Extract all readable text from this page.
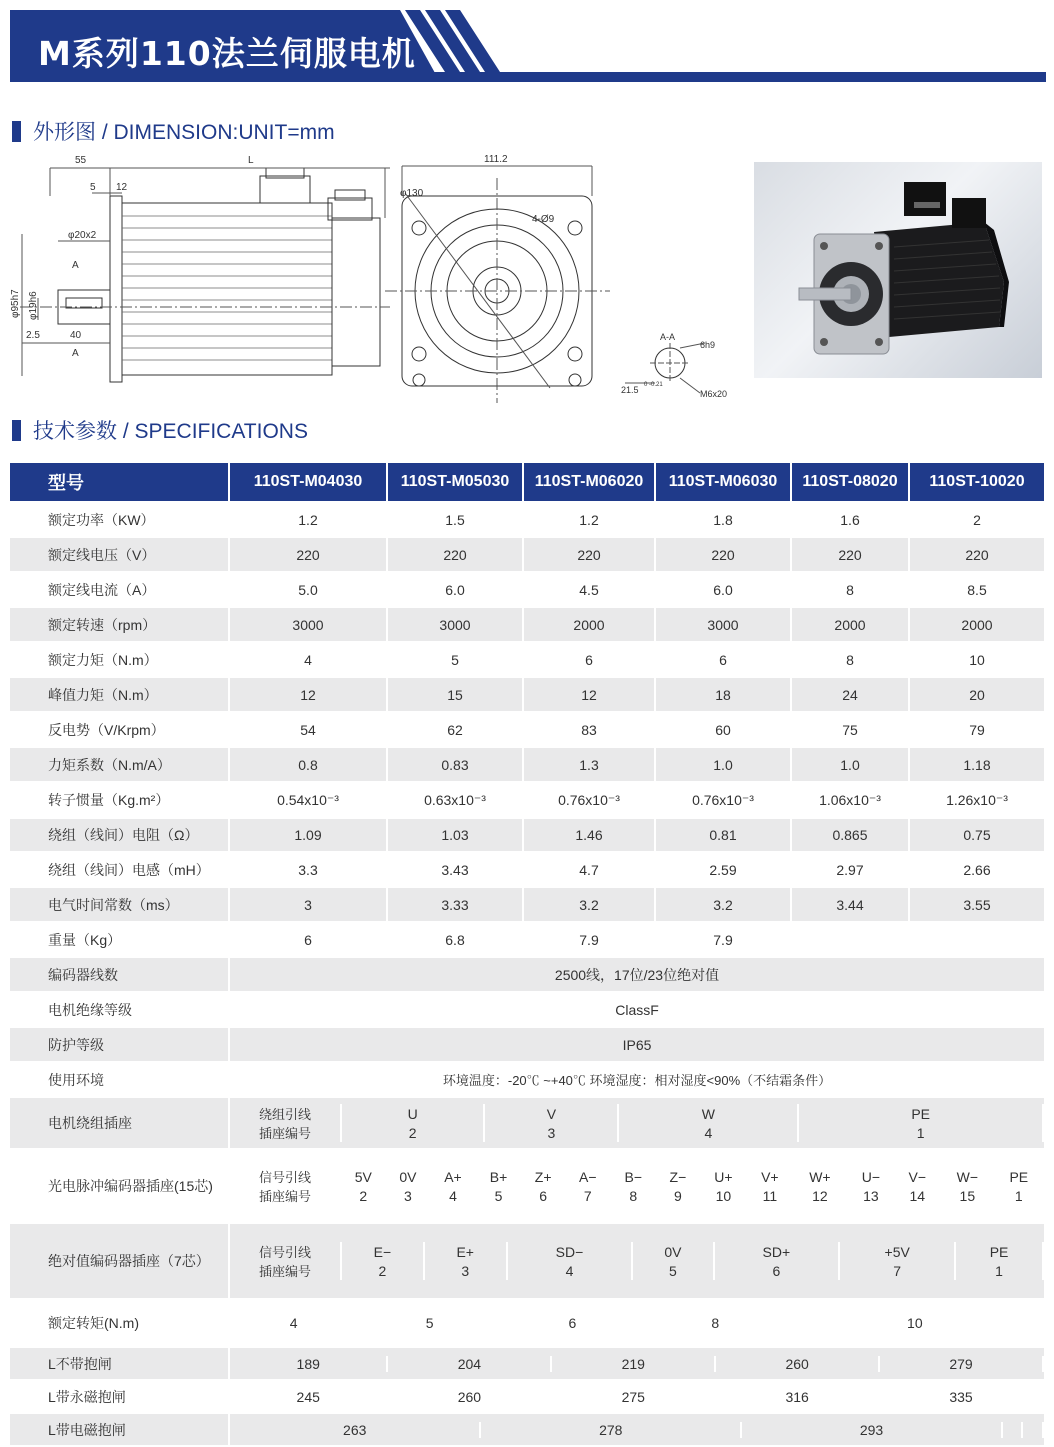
M系列110法兰伺服电机
外形图 / DIMENSION:UNIT=mm
55	L
5 12
φ20x2
A
A
2.5	40
φ95h7 φ19h6
111.2
φ130
4-Ø9
A-A
6h9
21.5 0 -0.21
M6x20
技术参数 / SPECIFICATIONS
型号	110ST-M04030	110ST-M05030	110ST-M06020	110ST-M06030	110ST-08020	110ST-10020
额定功率（KW）	1.2	1.5	1.2	1.8	1.6	2
额定线电压（V）	220	220	220	220	220	220
额定线电流（A）	5.0	6.0	4.5	6.0	8	8.5
额定转速（rpm）	3000	3000	2000	3000	2000	2000
额定力矩（N.m）	4	5	6	6	8	10
峰值力矩（N.m）	12	15	12	18	24	20
反电势（V/Krpm）	54	62	83	60	75	79
力矩系数（N.m/A）	0.8	0.83	1.3	1.0	1.0	1.18
转子惯量（Kg.m²）	0.54x10⁻³	0.63x10⁻³	0.76x10⁻³	0.76x10⁻³	1.06x10⁻³	1.26x10⁻³
绕组（线间）电阻（Ω）	1.09	1.03	1.46	0.81	0.865	0.75
绕组（线间）电感（mH）	3.3	3.43	4.7	2.59	2.97	2.66
电气时间常数（ms）	3	3.33	3.2	3.2	3.44	3.55
重量（Kg）	6	6.8	7.9	7.9		
编码器线数	2500线，17位/23位绝对值
电机绝缘等级	ClassF
防护等级	IP65
使用环境	环境温度：-20℃ ~+40℃ 环境湿度：相对湿度<90%（不结霜条件）
电机绕组插座	
绕组引线	U	V	W	PE
插座编号	2	3	4	1

光电脉冲编码器插座(15芯)	
信号引线	5V	0V	A+	B+	Z+	A−	B−	Z−	U+	V+	W+	U−	V−	W−	PE
插座编号	2	3	4	5	6	7	8	9	10	11	12	13	14	15	1

绝对值编码器插座（7芯）	
信号引线	E−	E+	SD−	0V	SD+	+5V	PE
插座编号	2	3	4	5	6	7	1

额定转矩(N.m)		4	5	6	8	10

L不带抱闸		189	204	219	260	279

L带永磁抱闸		245	260	275	316	335

L带电磁抱闸		263	278	293		
